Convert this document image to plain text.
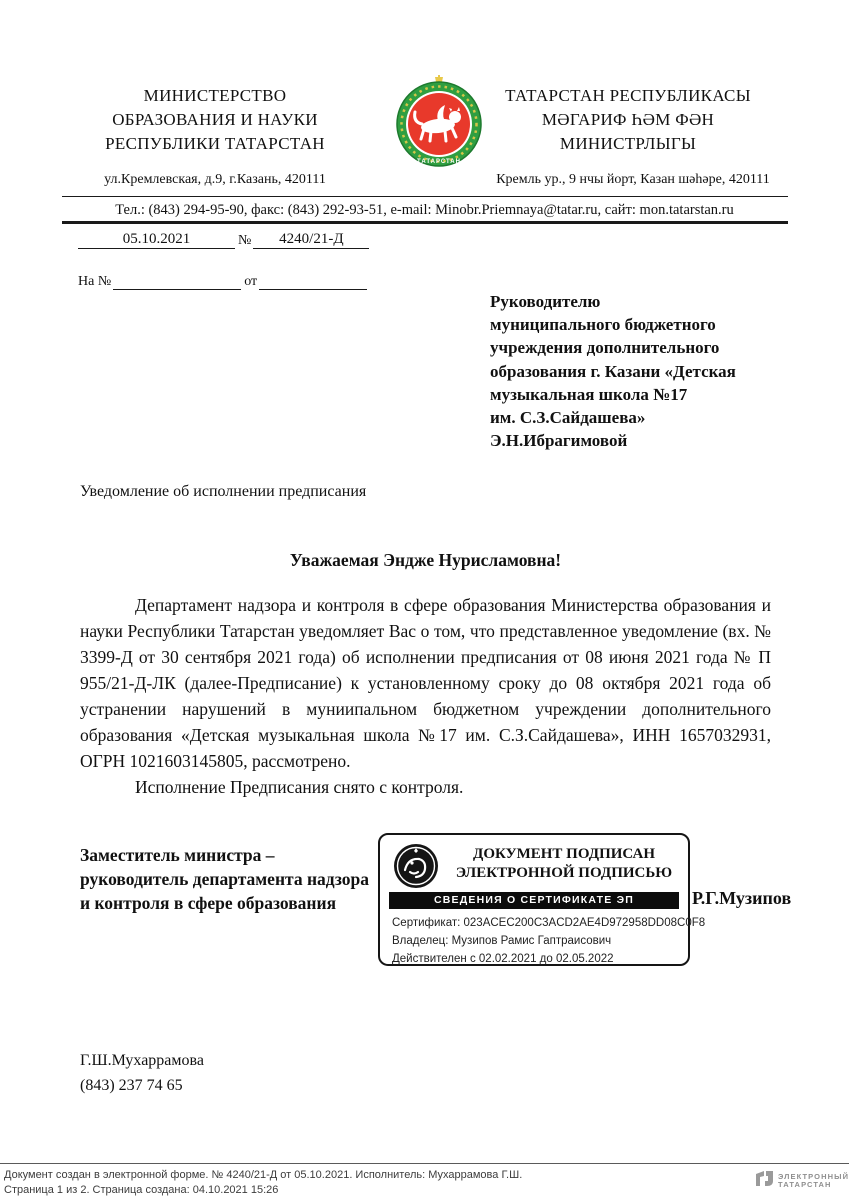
МИНИСТЕРСТВО
ОБРАЗОВАНИЯ И НАУКИ
РЕСПУБЛИКИ ТАТАРСТАН
ул.Кремлевская, д.9, г.Казань, 420111
ТАТАРСТАН
ТАТАРСТАН РЕСПУБЛИКАСЫ
МӘГАРИФ ҺӘМ ФӘН
МИНИСТРЛЫГЫ
Кремль ур., 9 нчы йорт, Казан шәһәре, 420111
Тел.: (843) 294-95-90, факс: (843) 292-93-51, e-mail: Minobr.Priemnaya@tatar.ru, сайт: mon.tatarstan.ru
05.10.2021	№ 4240/21-Д
На №	от
Руководителю
муниципального бюджетного
учреждения дополнительного
образования г. Казани «Детская
музыкальная школа №17
им. С.З.Сайдашева»
Э.Н.Ибрагимовой
Уведомление об исполнении предписания
Уважаемая Эндже Нурисламовна!

Департамент надзора и контроля в сфере образования Министерства образования и науки Республики Татарстан уведомляет Вас о том, что представленное уведомление (вх. № 3399-Д от 30 сентября 2021 года) об исполнении предписания от 08 июня 2021 года № П 955/21-Д-ЛК (далее-Предписание) к установленному сроку до 08 октября 2021 года об устранении нарушений в муниипальном бюджетном учреждении дополнительного образования «Детская музыкальная школа №17 им. С.З.Сайдашева», ИНН 1657032931, ОГРН 1021603145805, рассмотрено.

Исполнение Предписания снято с контроля.

Заместитель министра –
руководитель департамента надзора
и контроля в сфере образования	Р.Г.Музипов
ДОКУМЕНТ ПОДПИСАН
ЭЛЕКТРОННОЙ ПОДПИСЬЮ
СВЕДЕНИЯ О СЕРТИФИКАТЕ ЭП
Сертификат: 023ACEC200C3ACD2AE4D972958DD08C0F8
Владелец: Музипов Рамис Гаптраисович
Действителен с 02.02.2021 до 02.05.2022
Г.Ш.Мухаррамова
(843) 237 74 65
Документ создан в электронной форме. № 4240/21-Д от 05.10.2021. Исполнитель: Мухаррамова Г.Ш.
Страница 1 из 2. Страница создана: 04.10.2021 15:26
ЭЛЕКТРОННЫЙ
ТАТАРСТАН
